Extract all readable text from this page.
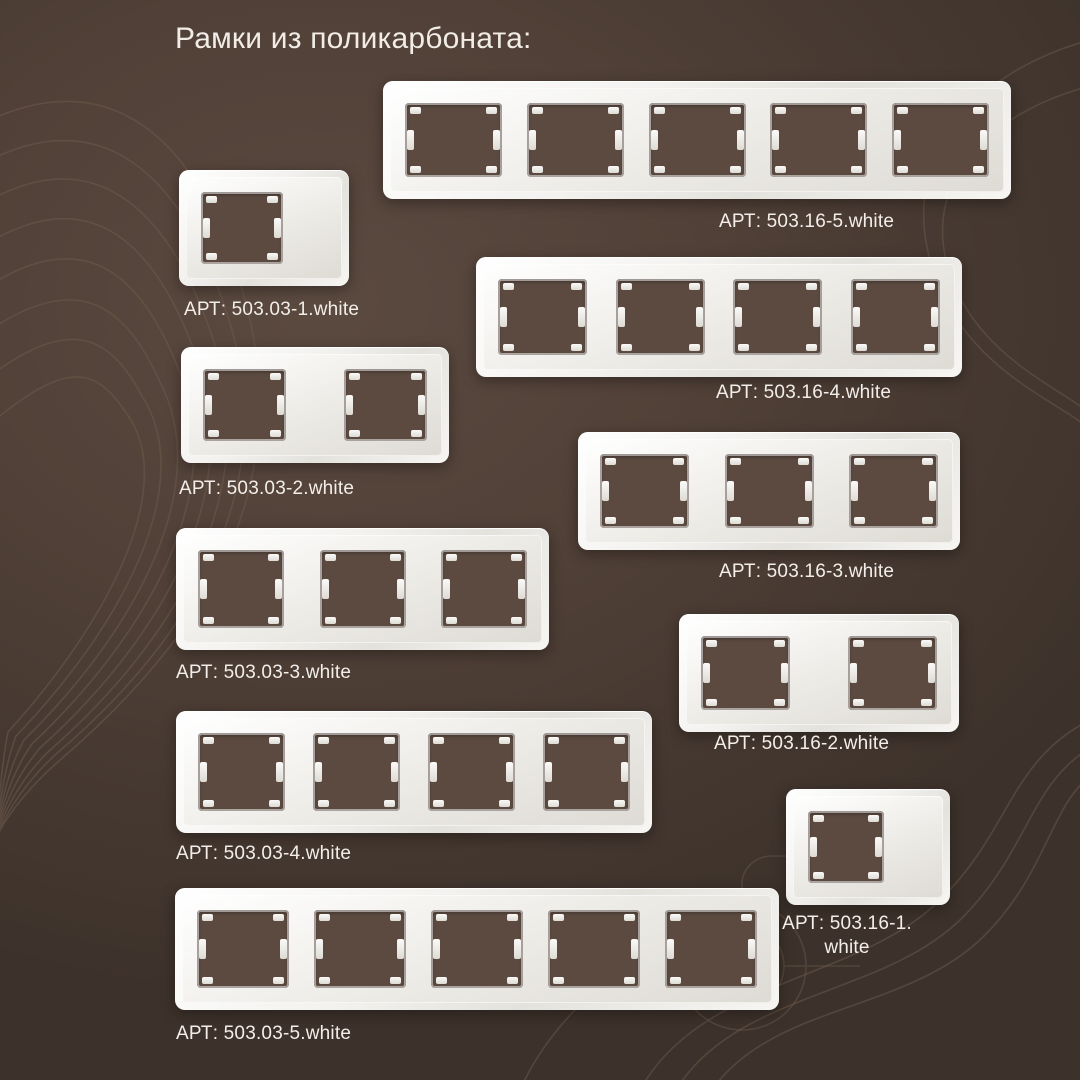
Рамки из поликарбоната:
АРТ: 503.16-5.white
АРТ: 503.03-1.white
АРТ: 503.16-4.white
АРТ: 503.03-2.white
АРТ: 503.16-3.white
АРТ: 503.03-3.white
АРТ: 503.16-2.white
АРТ: 503.03-4.white
АРТ: 503.16-1. white
АРТ: 503.03-5.white
